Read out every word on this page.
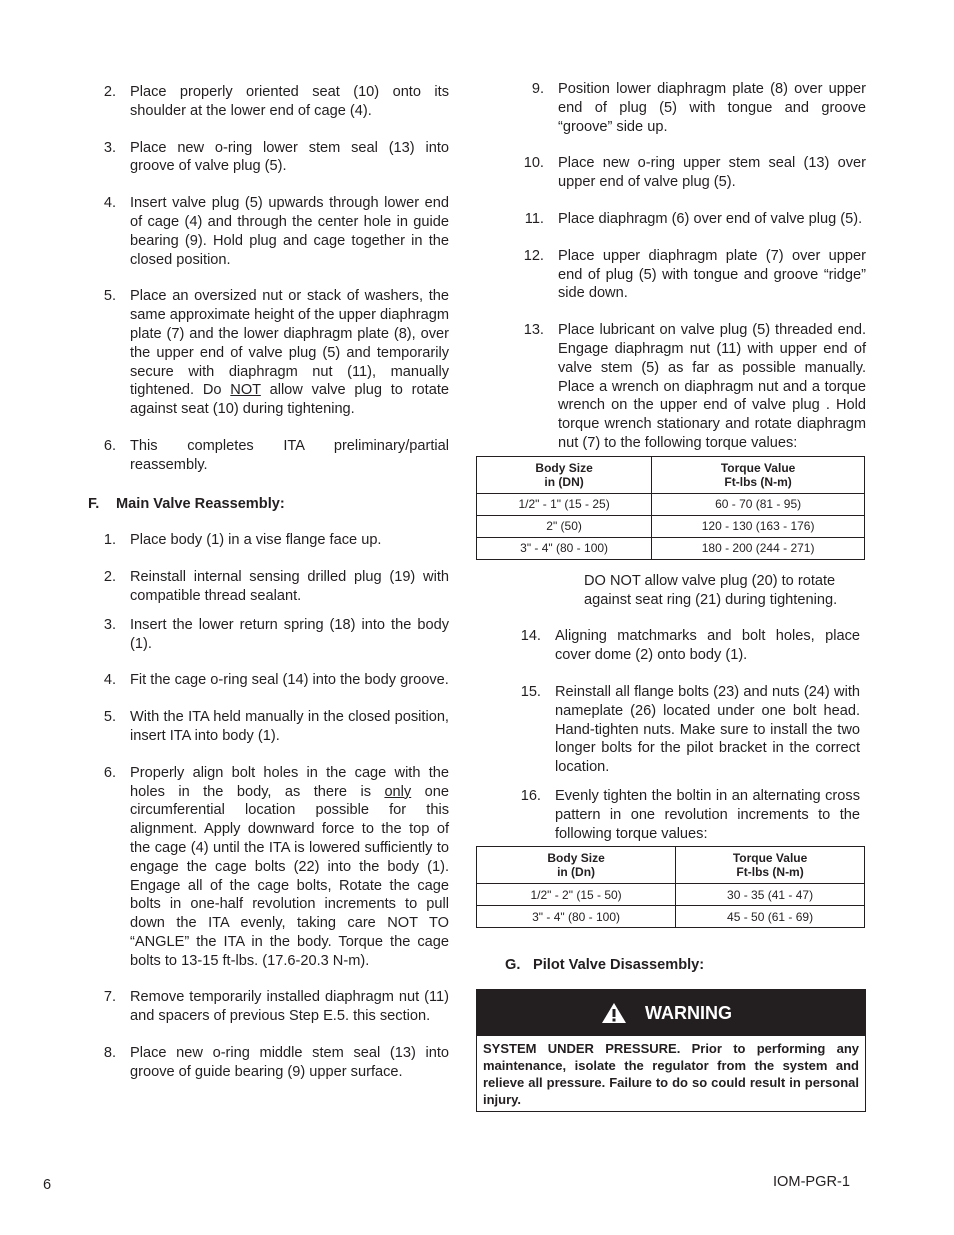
2. Place properly oriented seat (10) onto its shoulder at the lower end of cage (4).
3. Place new o-ring lower stem seal (13) into groove of valve plug (5).
4. Insert valve plug (5) upwards through lower end of cage (4) and through the center hole in guide bearing (9). Hold plug and cage together in the closed position.
5. Place an oversized nut or stack of washers, the same approximate height of the upper diaphragm plate (7) and the lower diaphragm plate (8), over the upper end of valve plug (5) and temporarily secure with diaphragm nut (11), manually tightened. Do NOT allow valve plug to rotate against seat (10) during tightening.
6. This completes ITA preliminary/partial reassembly.
F. Main Valve Reassembly:
1. Place body (1) in a vise flange face up.
2. Reinstall internal sensing drilled plug (19) with compatible thread sealant.
3. Insert the lower return spring (18) into the body (1).
4. Fit the cage o-ring seal (14) into the body groove.
5. With the ITA held manually in the closed position, insert ITA into body (1).
6. Properly align bolt holes in the cage with the holes in the body, as there is only one circumferential location possible for this alignment. Apply downward force to the top of the cage (4) until the ITA is lowered sufficiently to engage the cage bolts (22) into the body (1). Engage all of the cage bolts, Rotate the cage bolts in one-half revolution increments to pull down the ITA evenly, taking care NOT TO “ANGLE” the ITA in the body. Torque the cage bolts to 13-15 ft-lbs. (17.6-20.3 N-m).
7. Remove temporarily installed diaphragm nut (11) and spacers of previous Step E.5. this section.
8. Place new o-ring middle stem seal (13) into groove of guide bearing (9) upper surface.
9. Position lower diaphragm plate (8) over upper end of plug (5) with tongue and groove “groove” side up.
10. Place new o-ring upper stem seal (13) over upper end of valve plug (5).
11. Place diaphragm (6) over end of valve plug (5).
12. Place upper diaphragm plate (7) over upper end of plug (5) with tongue and groove “ridge” side down.
13. Place lubricant on valve plug (5) threaded end. Engage diaphragm nut (11) with upper end of valve stem (5) as far as possible manually. Place a wrench on diaphragm nut and a torque wrench on the upper end of valve plug . Hold torque wrench stationary and rotate diaphragm nut (7) to the following torque values:
Body Size
in (DN)	Torque Value
Ft-lbs (N-m)
1/2" - 1" (15 - 25)	60 - 70 (81 - 95)
2" (50)	120 - 130 (163 - 176)
3" - 4" (80 - 100)	180 - 200 (244 - 271)
DO NOT allow valve plug (20) to rotate against seat ring (21) during tightening.
14. Aligning matchmarks and bolt holes, place cover dome (2) onto body (1).
15. Reinstall all flange bolts (23) and nuts (24) with nameplate (26) located under one bolt head. Hand-tighten nuts. Make sure to install the two longer bolts for the pilot bracket in the correct location.
16. Evenly tighten the boltin in an alternating cross pattern in one revolution increments to the following torque values:
Body Size
in (Dn)	Torque Value
Ft-lbs (N-m)
1/2" - 2" (15 - 50)	30 - 35 (41 - 47)
3" - 4" (80 - 100)	45 - 50 (61 - 69)
G. Pilot Valve Disassembly:
WARNING
SYSTEM UNDER PRESSURE. Prior to performing any maintenance, isolate the regulator from the system and relieve all pressure. Failure to do so could result in personal injury.
6	IOM-PGR-1
